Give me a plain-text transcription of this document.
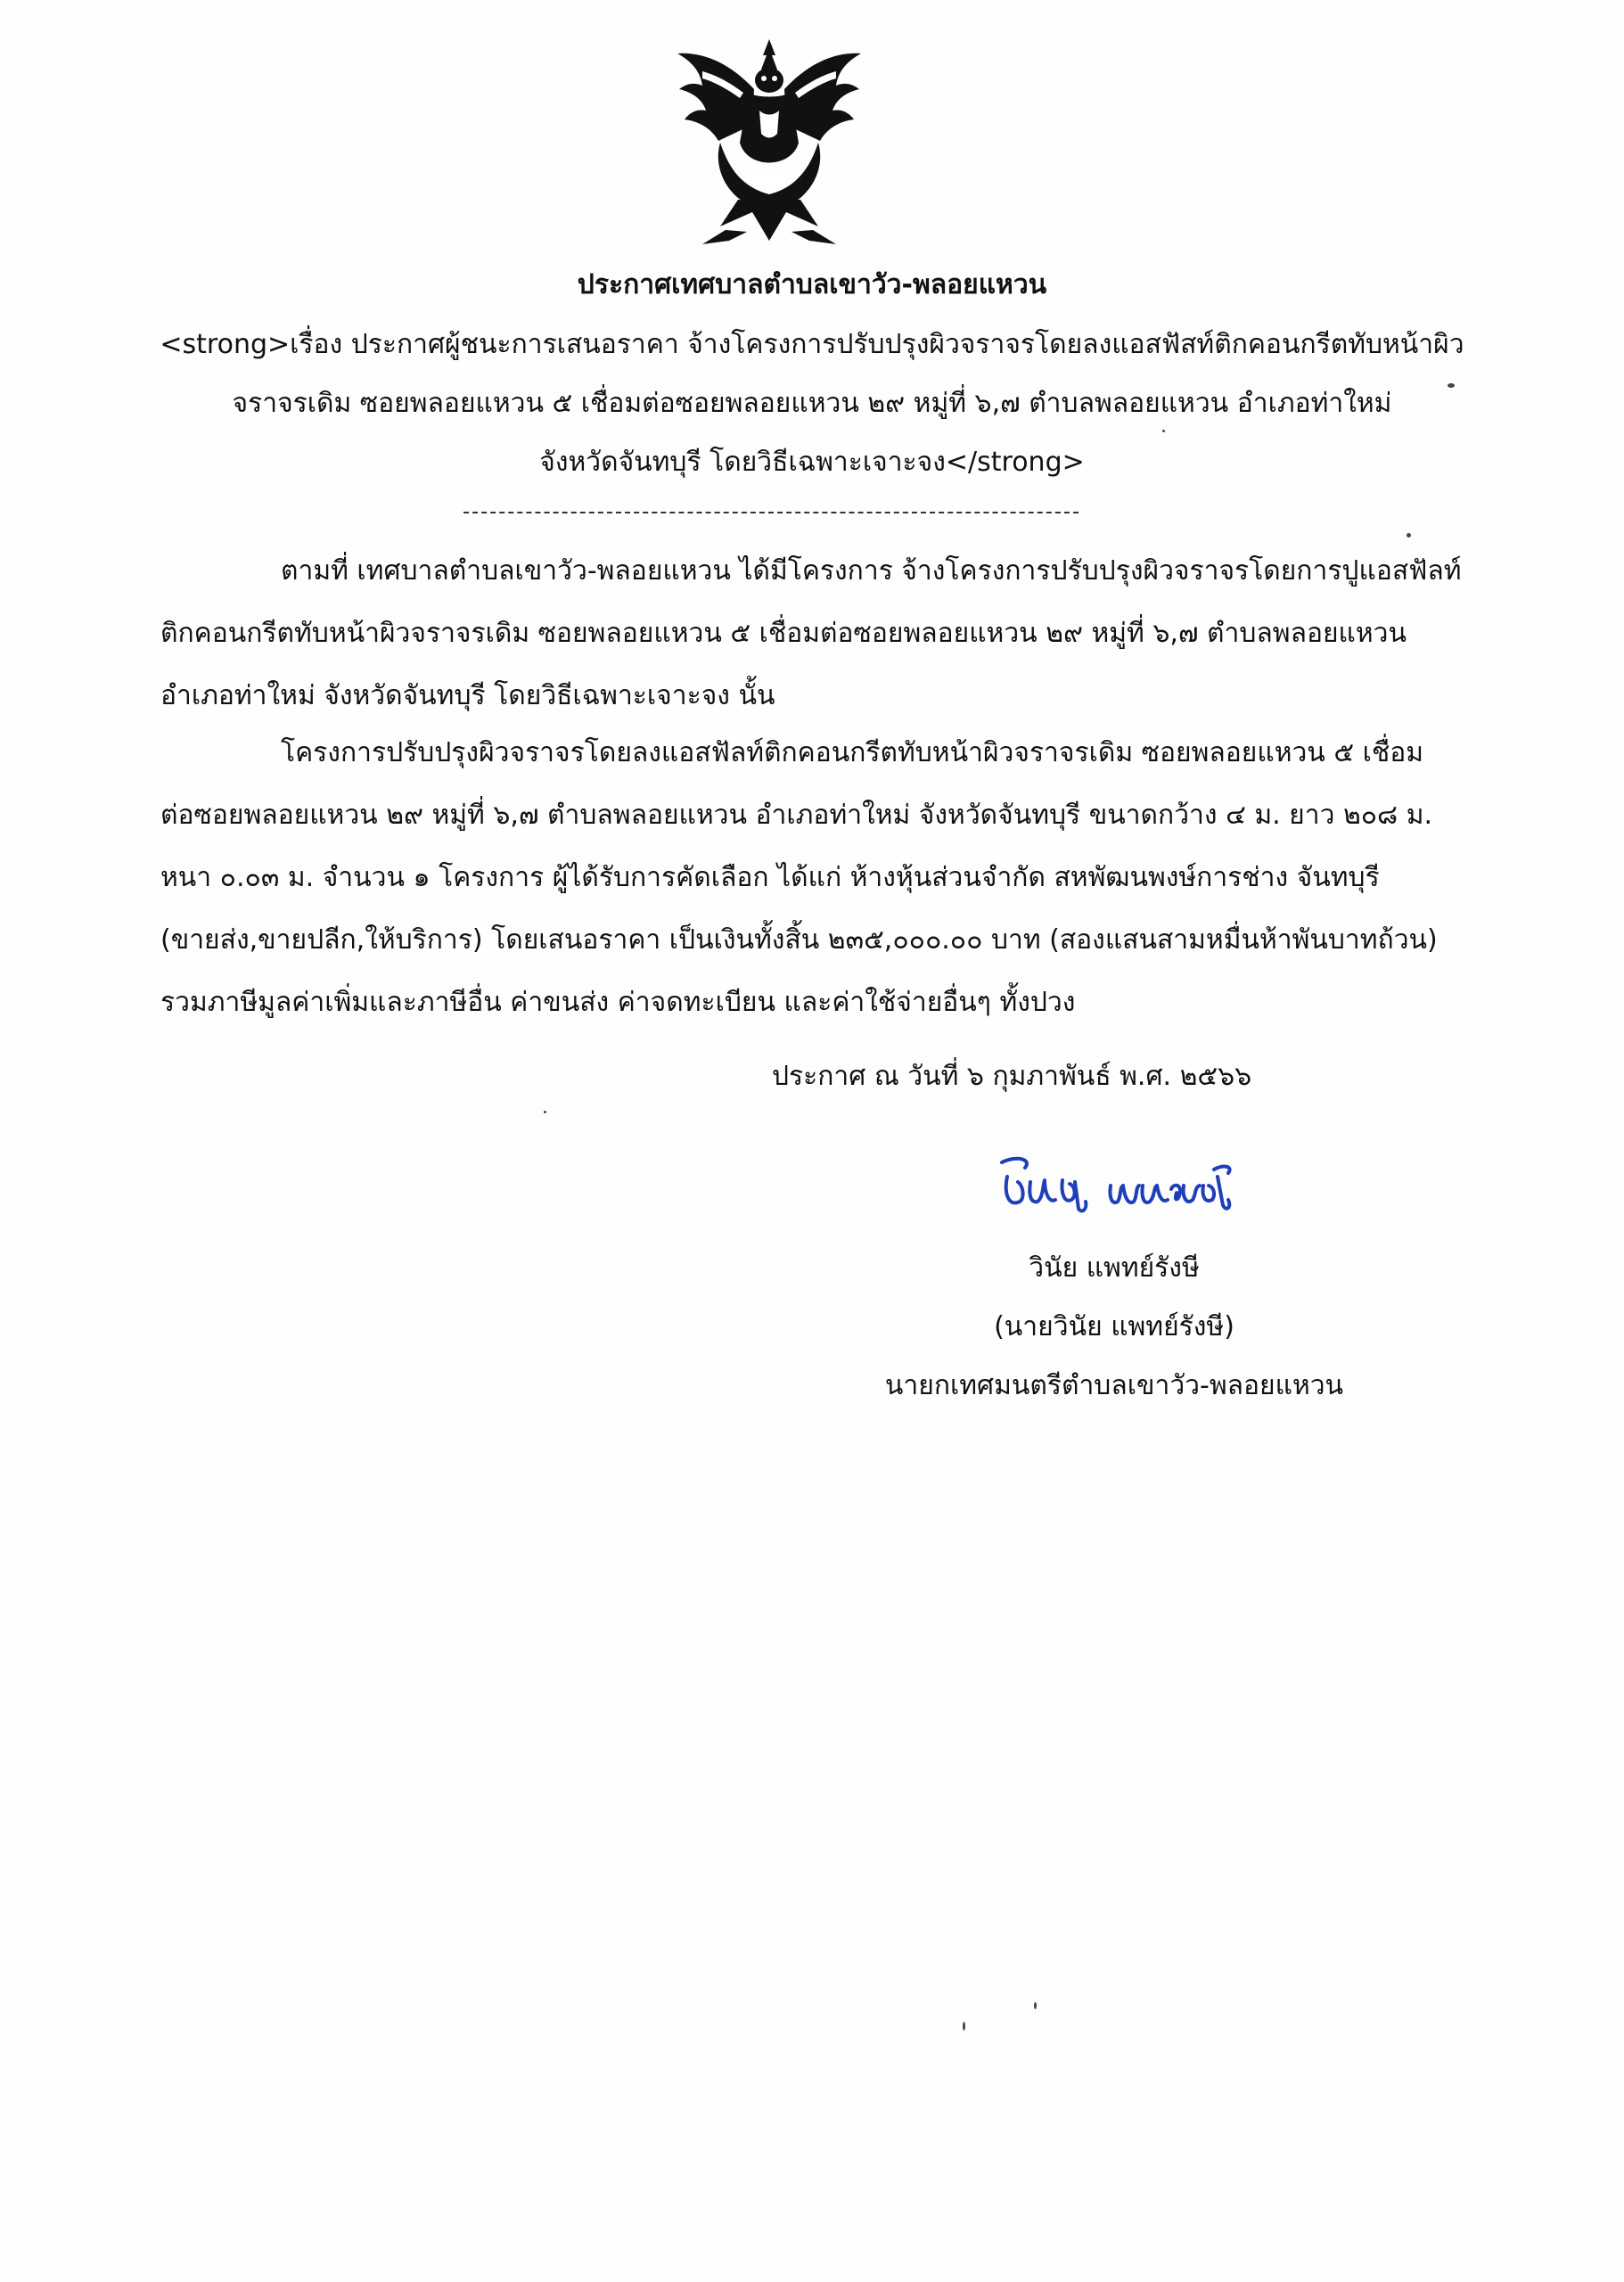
ประกาศเทศบาลตำบลเขาวัว-พลอยแหวน
<strong>เรื่อง ประกาศผู้ชนะการเสนอราคา จ้างโครงการปรับปรุงผิวจราจรโดยลงแอสฟัสท์ติกคอนกรีตทับหน้าผิว
จราจรเดิม ซอยพลอยแหวน ๕ เชื่อมต่อซอยพลอยแหวน ๒๙ หมู่ที่ ๖,๗ ตำบลพลอยแหวน อำเภอท่าใหม่
จังหวัดจันทบุรี โดยวิธีเฉพาะเจาะจง</strong>
ตามที่ เทศบาลตำบลเขาวัว-พลอยแหวน ได้มีโครงการ จ้างโครงการปรับปรุงผิวจราจรโดยการปูแอสฟัลท์
ติกคอนกรีตทับหน้าผิวจราจรเดิม ซอยพลอยแหวน ๕ เชื่อมต่อซอยพลอยแหวน ๒๙ หมู่ที่ ๖,๗ ตำบลพลอยแหวน
อำเภอท่าใหม่ จังหวัดจันทบุรี โดยวิธีเฉพาะเจาะจง นั้น
โครงการปรับปรุงผิวจราจรโดยลงแอสฟัลท์ติกคอนกรีตทับหน้าผิวจราจรเดิม ซอยพลอยแหวน ๕ เชื่อม
ต่อซอยพลอยแหวน ๒๙ หมู่ที่ ๖,๗ ตำบลพลอยแหวน อำเภอท่าใหม่ จังหวัดจันทบุรี ขนาดกว้าง ๔ ม. ยาว ๒๐๘ ม.
หนา ๐.๐๓ ม. จำนวน ๑ โครงการ ผู้ได้รับการคัดเลือก ได้แก่ ห้างหุ้นส่วนจำกัด สหพัฒนพงษ์การช่าง จันทบุรี
(ขายส่ง,ขายปลีก,ให้บริการ) โดยเสนอราคา เป็นเงินทั้งสิ้น ๒๓๕,๐๐๐.๐๐ บาท (สองแสนสามหมื่นห้าพันบาทถ้วน)
รวมภาษีมูลค่าเพิ่มและภาษีอื่น ค่าขนส่ง ค่าจดทะเบียน และค่าใช้จ่ายอื่นๆ ทั้งปวง
ประกาศ ณ วันที่ ๖ กุมภาพันธ์ พ.ศ. ๒๕๖๖
วินัย แพทย์รังษี
(นายวินัย แพทย์รังษี)
นายกเทศมนตรีตำบลเขาวัว-พลอยแหวน
